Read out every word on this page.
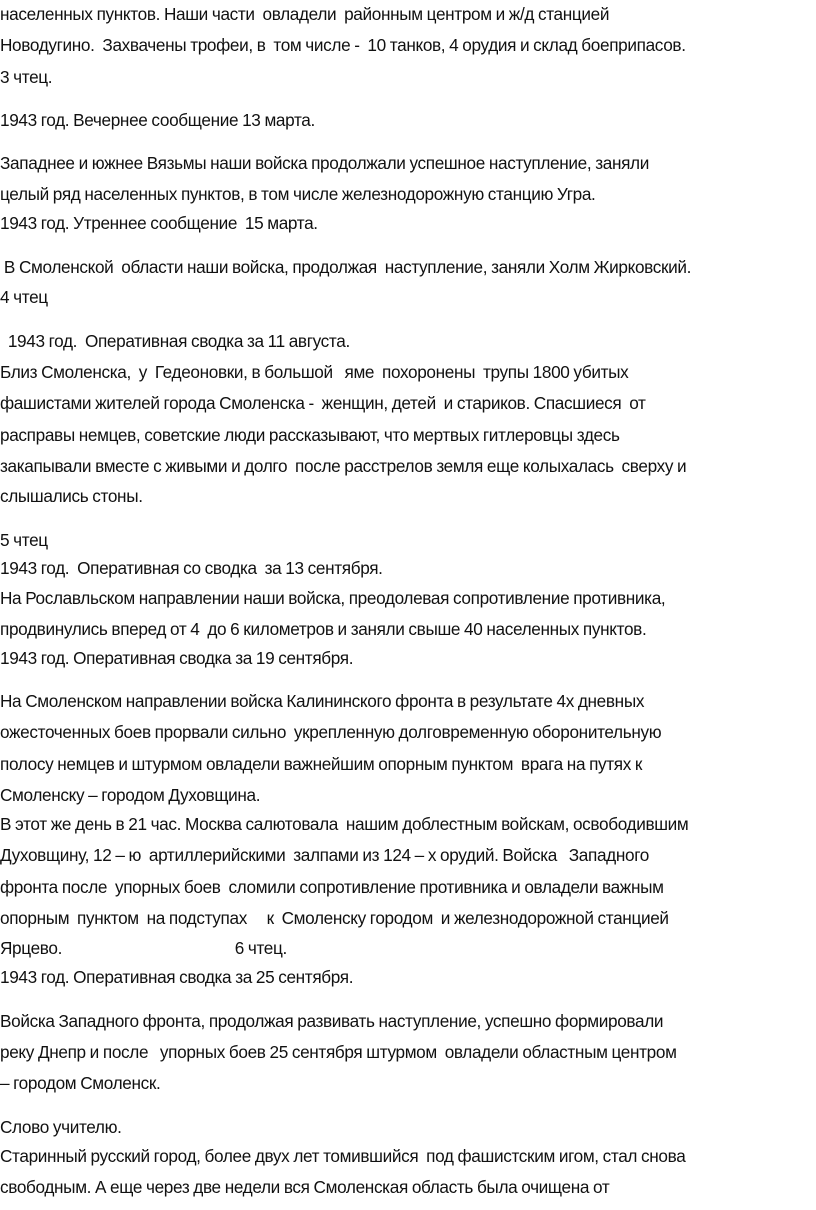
населенных пунктов. Наши части  овладели  районным центром и ж/д станцией
Новодугино.  Захвачены трофеи, в  том числе -  10 танков, 4 орудия и склад боеприпасов.
3 чтец.
1943 год. Вечернее сообщение 13 марта.
Западнее и южнее Вязьмы наши войска продолжали успешное наступление, заняли
целый ряд населенных пунктов, в том числе железнодорожную станцию Угра.
1943 год. Утреннее сообщение  15 марта.
В Смоленской  области наши войска, продолжая  наступление, заняли Холм Жирковский.
4 чтец
1943 год.  Оперативная сводка за 11 августа.
Близ Смоленска,  у  Гедеоновки, в большой   яме  похоронены  трупы 1800 убитых
фашистами жителей города Смоленска -  женщин, детей  и стариков. Спасшиеся  от
расправы немцев, советские люди рассказывают, что мертвых гитлеровцы здесь
закапывали вместе с живыми и долго  после расстрелов земля еще колыхалась  сверху и
слышались стоны.
5 чтец
1943 год.  Оперативная со сводка  за 13 сентября.
На Рославльском направлении наши войска, преодолевая сопротивление противника,
продвинулись вперед от 4  до 6 километров и заняли свыше 40 населенных пунктов.
1943 год. Оперативная сводка за 19 сентября.
На Смоленском направлении войска Калининского фронта в результате 4х дневных
ожесточенных боев прорвали сильно  укрепленную долговременную оборонительную
полосу немцев и штурмом овладели важнейшим опорным пунктом  врага на путях к
Смоленску – городом Духовщина.
В этот же день в 21 час. Москва салютовала  нашим доблестным войскам, освободившим
Духовщину, 12 – ю  артиллерийскими  залпами из 124 – х орудий. Войска   Западного
фронта после  упорных боев  сломили сопротивление противника и овладели важным
опорным  пунктом  на подступах     к  Смоленску городом  и железнодорожной станцией
Ярцево.                                            6 чтец.
1943 год. Оперативная сводка за 25 сентября.
Войска Западного фронта, продолжая развивать наступление, успешно формировали
реку Днепр и после   упорных боев 25 сентября штурмом  овладели областным центром
– городом Смоленск.
Слово учителю.
Старинный русский город, более двух лет томившийся  под фашистским игом, стал снова
свободным. А еще через две недели вся Смоленская область была очищена от
